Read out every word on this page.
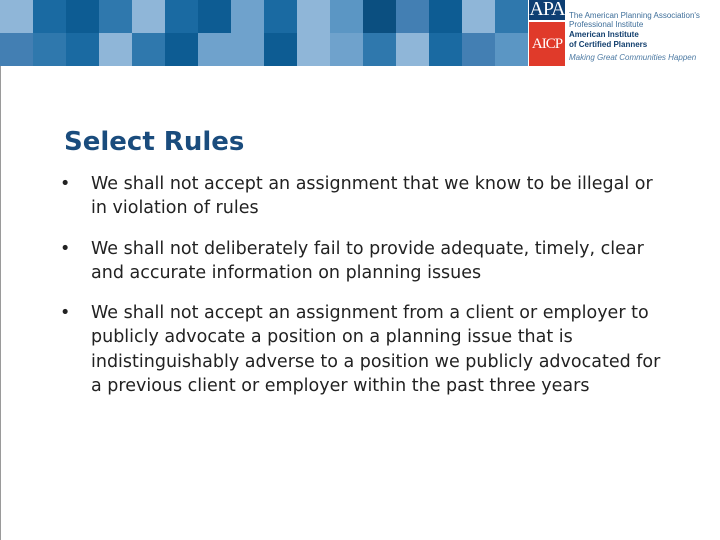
APA
AICP
The American Planning Association's
Professional Institute
American Institute
of Certified Planners
Making Great Communities Happen
Select Rules
• We shall not accept an assignment that we know to be illegal or in violation of rules
• We shall not deliberately fail to provide adequate, timely, clear and accurate information on planning issues
• We shall not accept an assignment from a client or employer to publicly advocate a position on a planning issue that is indistinguishably adverse to a position we publicly advocated for a previous client or employer within the past three years
